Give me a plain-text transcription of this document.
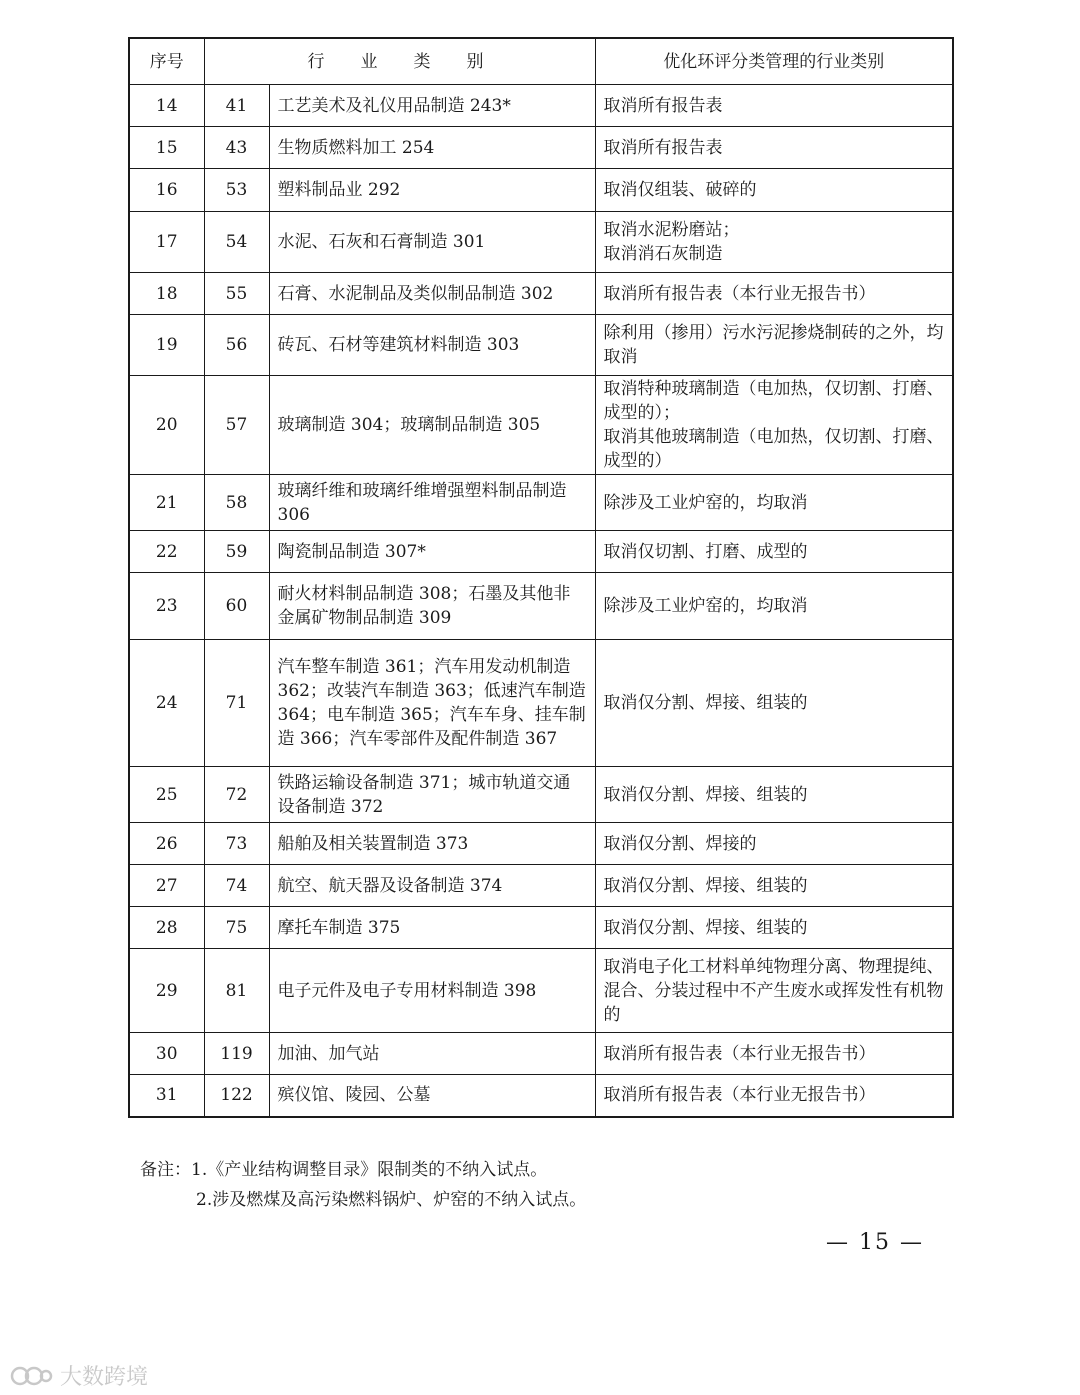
序号	行业类别		优化环评分类管理的行业类别
14	41	工艺美术及礼仪用品制造 243*	取消所有报告表
15	43	生物质燃料加工 254	取消所有报告表
16	53	塑料制品业 292	取消仅组装、破碎的
17	54	水泥、石灰和石膏制造 301	取消水泥粉磨站；
取消消石灰制造
18	55	石膏、水泥制品及类似制品制造 302	取消所有报告表（本行业无报告书）
19	56	砖瓦、石材等建筑材料制造 303	除利用（掺用）污水污泥掺烧制砖的之外，均取消
20	57	玻璃制造 304；玻璃制品制造 305	取消特种玻璃制造（电加热，仅切割、打磨、成型的）；
取消其他玻璃制造（电加热，仅切割、打磨、成型的）
21	58	玻璃纤维和玻璃纤维增强塑料制品制造 306	除涉及工业炉窑的，均取消
22	59	陶瓷制品制造 307*	取消仅切割、打磨、成型的
23	60	耐火材料制品制造 308；石墨及其他非金属矿物制品制造 309	除涉及工业炉窑的，均取消
24	71	汽车整车制造 361；汽车用发动机制造 362；改装汽车制造 363；低速汽车制造 364；电车制造 365；汽车车身、挂车制造 366；汽车零部件及配件制造 367	取消仅分割、焊接、组装的
25	72	铁路运输设备制造 371；城市轨道交通设备制造 372	取消仅分割、焊接、组装的
26	73	船舶及相关装置制造 373	取消仅分割、焊接的
27	74	航空、航天器及设备制造 374	取消仅分割、焊接、组装的
28	75	摩托车制造 375	取消仅分割、焊接、组装的
29	81	电子元件及电子专用材料制造 398	取消电子化工材料单纯物理分离、物理提纯、混合、分装过程中不产生废水或挥发性有机物的
30	119	加油、加气站	取消所有报告表（本行业无报告书）
31	122	殡仪馆、陵园、公墓	取消所有报告表（本行业无报告书）
备注：1.《产业结构调整目录》限制类的不纳入试点。
2.涉及燃煤及高污染燃料锅炉、炉窑的不纳入试点。
— 15 —
大数跨境
